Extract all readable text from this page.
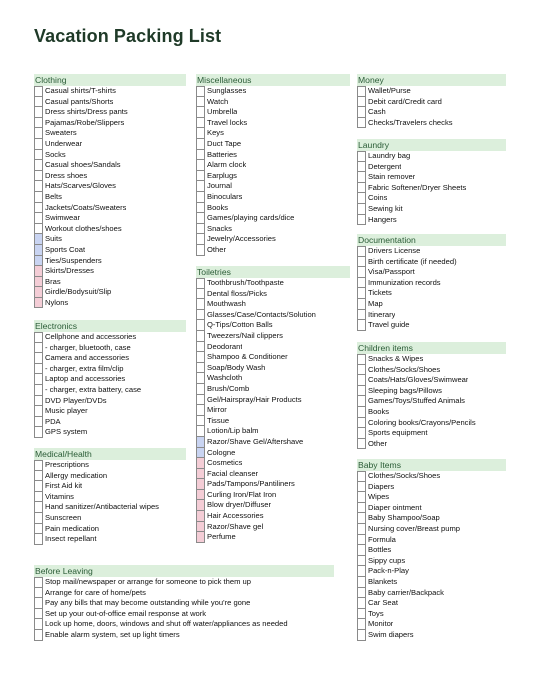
Vacation Packing List
Clothing
Casual shirts/T-shirts
Casual pants/Shorts
Dress shirts/Dress pants
Pajamas/Robe/Slippers
Sweaters
Underwear
Socks
Casual shoes/Sandals
Dress shoes
Hats/Scarves/Gloves
Belts
Jackets/Coats/Sweaters
Swimwear
Workout clothes/shoes
Suits
Sports Coat
Ties/Suspenders
Skirts/Dresses
Bras
Girdle/Bodysuit/Slip
Nylons
Electronics
Cellphone and accessories
- charger, bluetooth, case
Camera and accessories
- charger, extra film/clip
Laptop and accessories
- charger, extra battery, case
DVD Player/DVDs
Music player
PDA
GPS system
Medical/Health
Prescriptions
Allergy medication
First Aid kit
Vitamins
Hand sanitizer/Antibacterial wipes
Sunscreen
Pain medication
Insect repellant
Before Leaving
Stop mail/newspaper or arrange for someone to pick them up
Arrange for care of home/pets
Pay any bills that may become outstanding while you're gone
Set up your out-of-office email response at work
Lock up home, doors, windows and shut off water/appliances as needed
Enable alarm system, set up light timers
Miscellaneous
Sunglasses
Watch
Umbrella
Travel locks
Keys
Duct Tape
Batteries
Alarm clock
Earplugs
Journal
Binoculars
Books
Games/playing cards/dice
Snacks
Jewelry/Accessories
Other
Toiletries
Toothbrush/Toothpaste
Dental floss/Picks
Mouthwash
Glasses/Case/Contacts/Solution
Q-Tips/Cotton Balls
Tweezers/Nail clippers
Deodorant
Shampoo & Conditioner
Soap/Body Wash
Washcloth
Brush/Comb
Gel/Hairspray/Hair Products
Mirror
Tissue
Lotion/Lip balm
Razor/Shave Gel/Aftershave
Cologne
Cosmetics
Facial cleanser
Pads/Tampons/Pantiliners
Curling Iron/Flat Iron
Blow dryer/Diffuser
Hair Accessories
Razor/Shave gel
Perfume
Money
Wallet/Purse
Debit card/Credit card
Cash
Checks/Travelers checks
Laundry
Laundry bag
Detergent
Stain remover
Fabric Softener/Dryer Sheets
Coins
Sewing kit
Hangers
Documentation
Drivers License
Birth certificate (if needed)
Visa/Passport
Immunization records
Tickets
Map
Itinerary
Travel guide
Children items
Snacks & Wipes
Clothes/Socks/Shoes
Coats/Hats/Gloves/Swimwear
Sleeping bags/Pillows
Games/Toys/Stuffed Animals
Books
Coloring books/Crayons/Pencils
Sports equipment
Other
Baby Items
Clothes/Socks/Shoes
Diapers
Wipes
Diaper ointment
Baby Shampoo/Soap
Nursing cover/Breast pump
Formula
Bottles
Sippy cups
Pack-n-Play
Blankets
Baby carrier/Backpack
Car Seat
Toys
Monitor
Swim diapers
